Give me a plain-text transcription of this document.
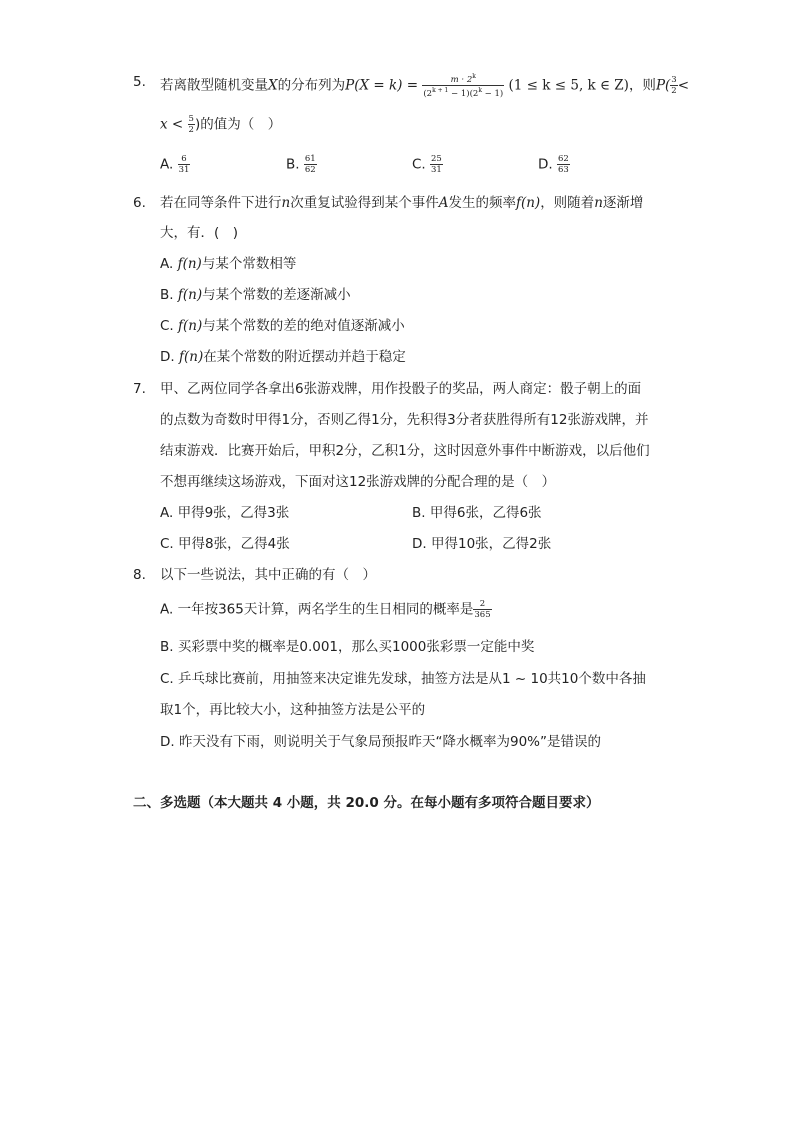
5. 若离散型随机变量X的分布列为$P(X = k) = \frac{m \cdot 2^k}{(2^{k + 1} - 1)(2^k - 1)} (1 \le k \le 5$, k ∈ Z)，则$P( \frac{3}{2}$ <
$x < \frac{5}{2}$ )的值为（　）
A. $\frac{6}{31}$	B. $\frac{61}{62}$	C. $\frac{25}{31}$	D. $\frac{62}{63}$
6. 若在同等条件下进行n次重复试验得到某个事件A发生的频率f(n)，则随着n逐渐增
大，有．(　)
A. f(n)与某个常数相等
B. f(n)与某个常数的差逐渐减小
C. f(n)与某个常数的差的绝对值逐渐减小
D. f(n)在某个常数的附近摆动并趋于稳定
7. 甲、乙两位同学各拿出6张游戏牌，用作投骰子的奖品，两人商定：骰子朝上的面
的点数为奇数时甲得1分，否则乙得1分，先积得3分者获胜得所有12张游戏牌，并
结束游戏．比赛开始后，甲积2分，乙积1分，这时因意外事件中断游戏，以后他们
不想再继续这场游戏，下面对这12张游戏牌的分配合理的是（　）
A. 甲得9张，乙得3张	B. 甲得6张，乙得6张
C. 甲得8张，乙得4张	D. 甲得10张，乙得2张
8. 以下一些说法，其中正确的有（　）
A. 一年按365天计算，两名学生的生日相同的概率是 $\frac{2}{365}$
B. 买彩票中奖的概率是0.001，那么买1000张彩票一定能中奖
C. 乒乓球比赛前，用抽签来决定谁先发球，抽签方法是从1 ~ 10共10个数中各抽
取1个，再比较大小，这种抽签方法是公平的
D. 昨天没有下雨，则说明关于气象局预报昨天“降水概率为90%”是错误的
二、多选题（本大题共 4 小题，共 20.0 分。在每小题有多项符合题目要求）
